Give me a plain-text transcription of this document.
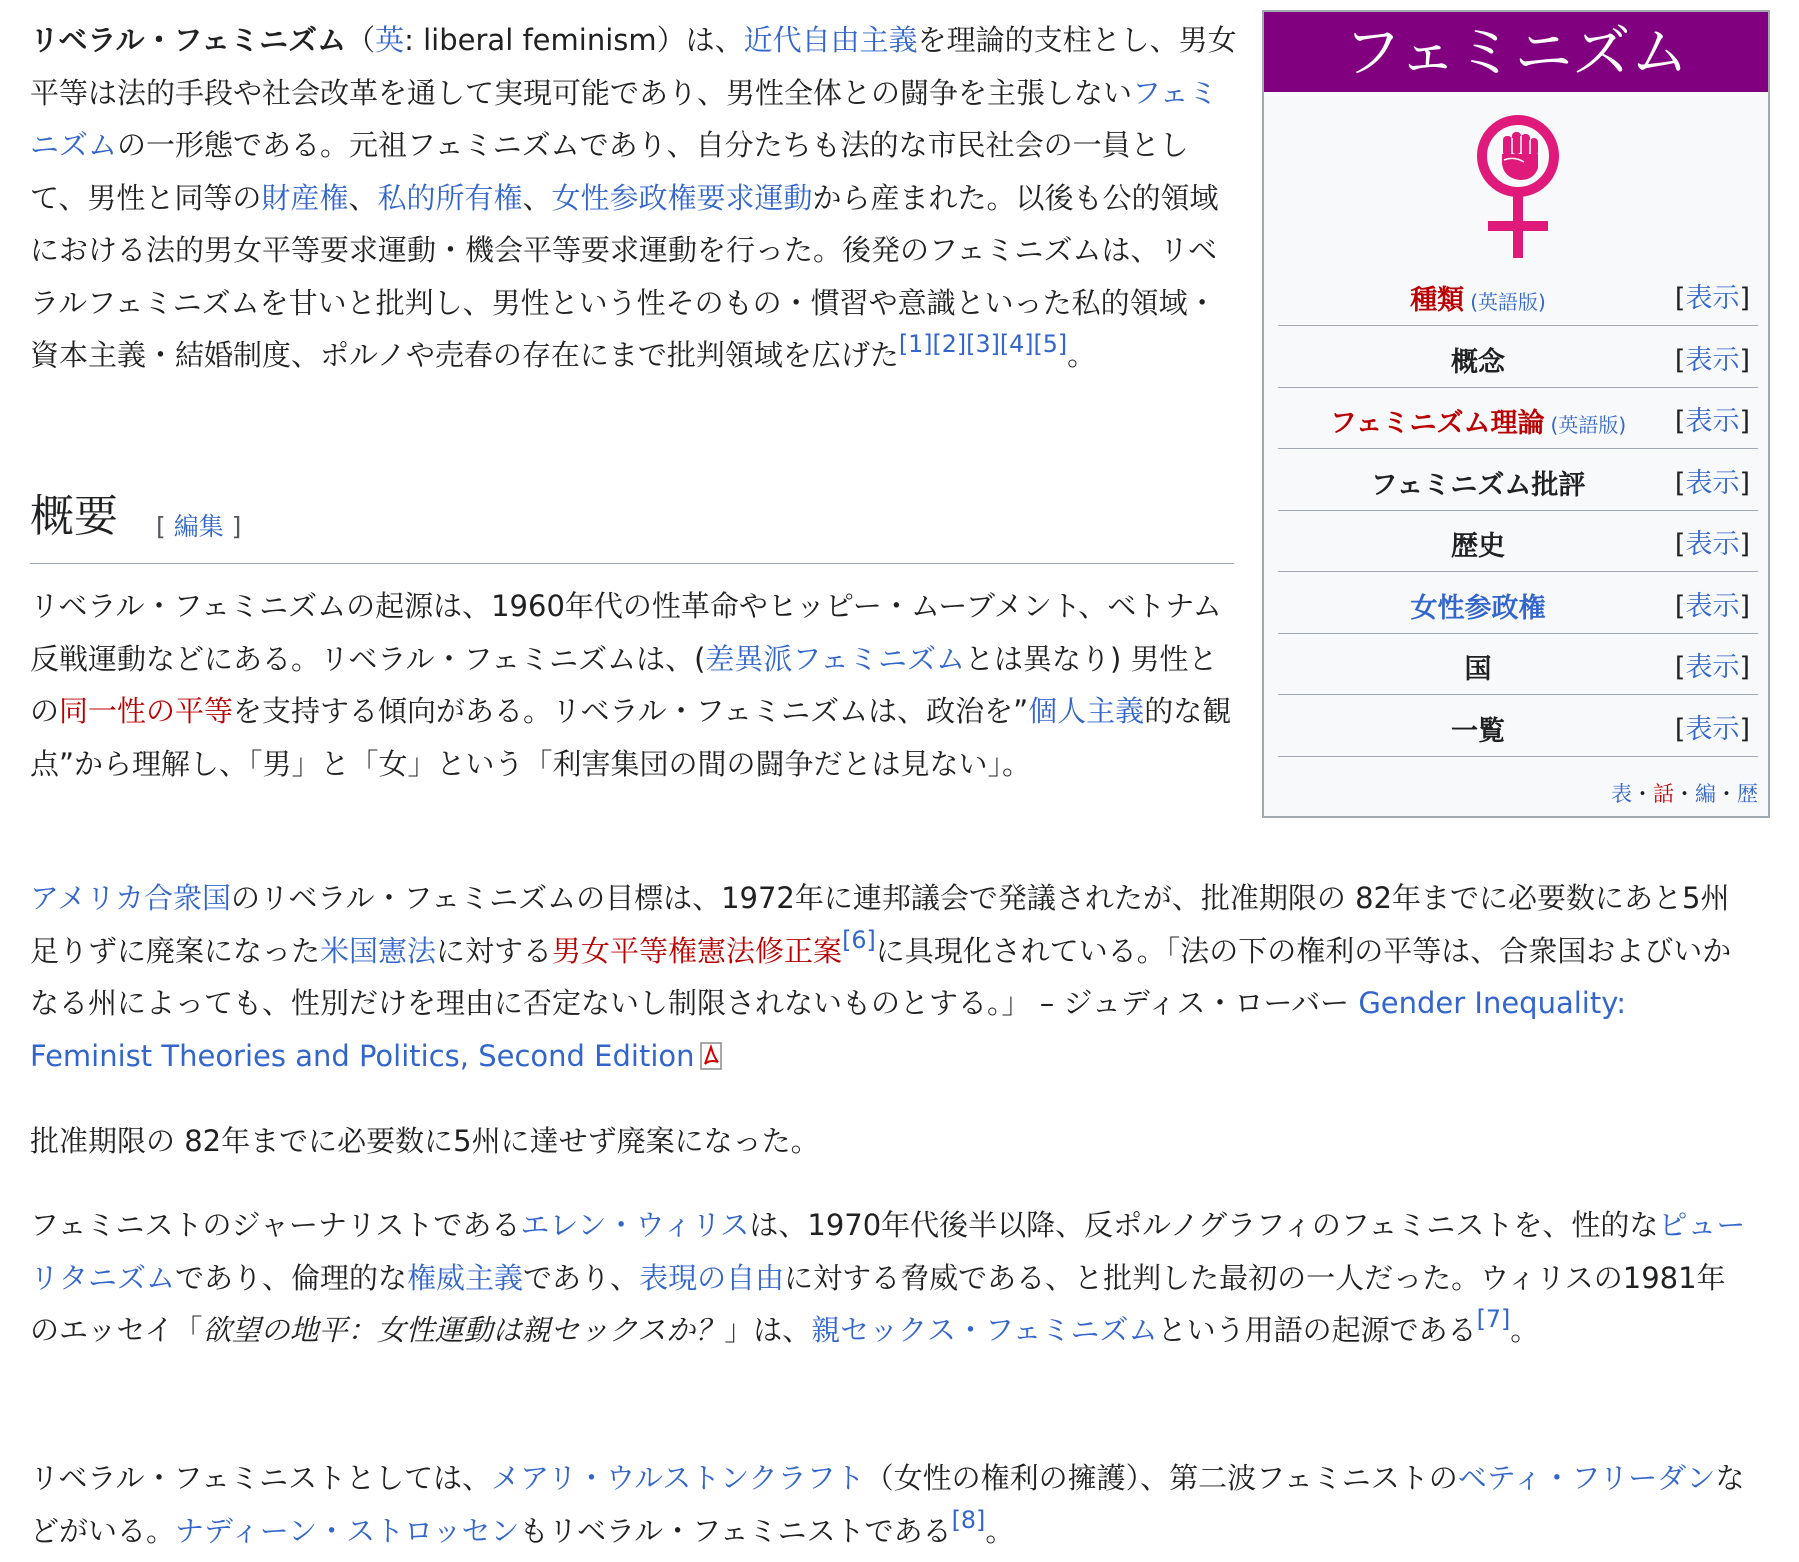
リベラル・フェミニズム（英: liberal feminism）は、近代自由主義を理論的支柱とし、男女平等は法的手段や社会改革を通して実現可能であり、男性全体との闘争を主張しないフェミニズムの一形態である。元祖フェミニズムであり、自分たちも法的な市民社会の一員として、男性と同等の財産権、私的所有権、女性参政権要求運動から産まれた。以後も公的領域における法的男女平等要求運動・機会平等要求運動を行った。後発のフェミニズムは、リベラルフェミニズムを甘いと批判し、男性という性そのもの・慣習や意識といった私的領域・資本主義・結婚制度、ポルノや売春の存在にまで批判領域を広げた[1][2][3][4][5]。

概要 [ 編集 ]

リベラル・フェミニズムの起源は、1960年代の性革命やヒッピー・ムーブメント、ベトナム反戦運動などにある。リベラル・フェミニズムは、(差異派フェミニズムとは異なり) 男性との同一性の平等を支持する傾向がある。リベラル・フェミニズムは、政治を”個人主義的な観点”から理解し、「男」と「女」という「利害集団の間の闘争だとは見ない」。

アメリカ合衆国のリベラル・フェミニズムの目標は、1972年に連邦議会で発議されたが、批准期限の 82年までに必要数にあと5州足りずに廃案になった米国憲法に対する男女平等権憲法修正案[6]に具現化されている。「法の下の権利の平等は、合衆国およびいかなる州によっても、性別だけを理由に否定ないし制限されないものとする。」 – ジュディス・ローバー Gender Inequality: Feminist Theories and Politics, Second Edition

批准期限の 82年までに必要数に5州に達せず廃案になった。

フェミニストのジャーナリストであるエレン・ウィリスは、1970年代後半以降、反ポルノグラフィのフェミニストを、性的なピューリタニズムであり、倫理的な権威主義であり、表現の自由に対する脅威である、と批判した最初の一人だった。ウィリスの1981年のエッセイ「欲望の地平：女性運動は親セックスか？」は、親セックス・フェミニズムという用語の起源である[7]。

リベラル・フェミニストとしては、メアリ・ウルストンクラフト（女性の権利の擁護）、第二波フェミニストのベティ・フリーダンなどがいる。ナディーン・ストロッセンもリベラル・フェミニストである[8]。

フェミニズム
種類 (英語版)	[表示]
概念	[表示]
フェミニズム理論 (英語版)	[表示]
フェミニズム批評	[表示]
歴史	[表示]
女性参政権	[表示]
国	[表示]
一覧	[表示]
表・話・編・歴
